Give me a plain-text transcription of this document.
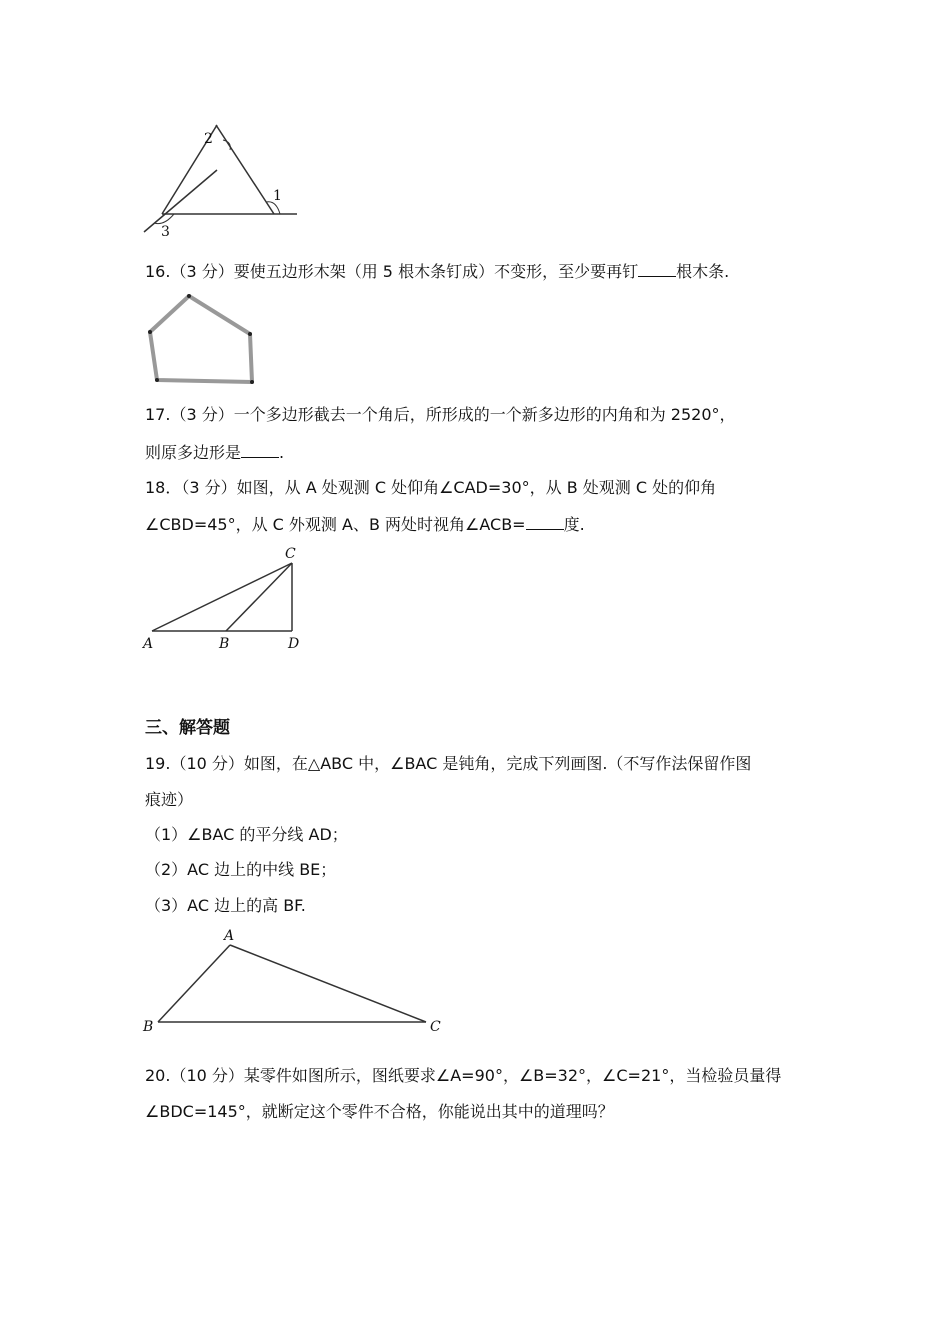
2
1
3
16.（3 分）要使五边形木架（用 5 根木条钉成）不变形，至少要再钉 根木条.
17.（3 分）一个多边形截去一个角后，所形成的一个新多边形的内角和为 2520°，
则原多边形是 .
18．（3 分）如图，从 A 处观测 C 处仰角∠CAD=30°，从 B 处观测 C 处的仰角
∠CBD=45°，从 C 外观测 A、B 两处时视角∠ACB= 度.
C
A	B	D
三、解答题
19.（10 分）如图，在△ABC 中，∠BAC 是钝角，完成下列画图.（不写作法保留作图
痕迹）
（1）∠BAC 的平分线 AD；
（2）AC 边上的中线 BE；
（3）AC 边上的高 BF.
A
B	C
20.（10 分）某零件如图所示，图纸要求∠A=90°，∠B=32°，∠C=21°，当检验员量得
∠BDC=145°，就断定这个零件不合格，你能说出其中的道理吗？
